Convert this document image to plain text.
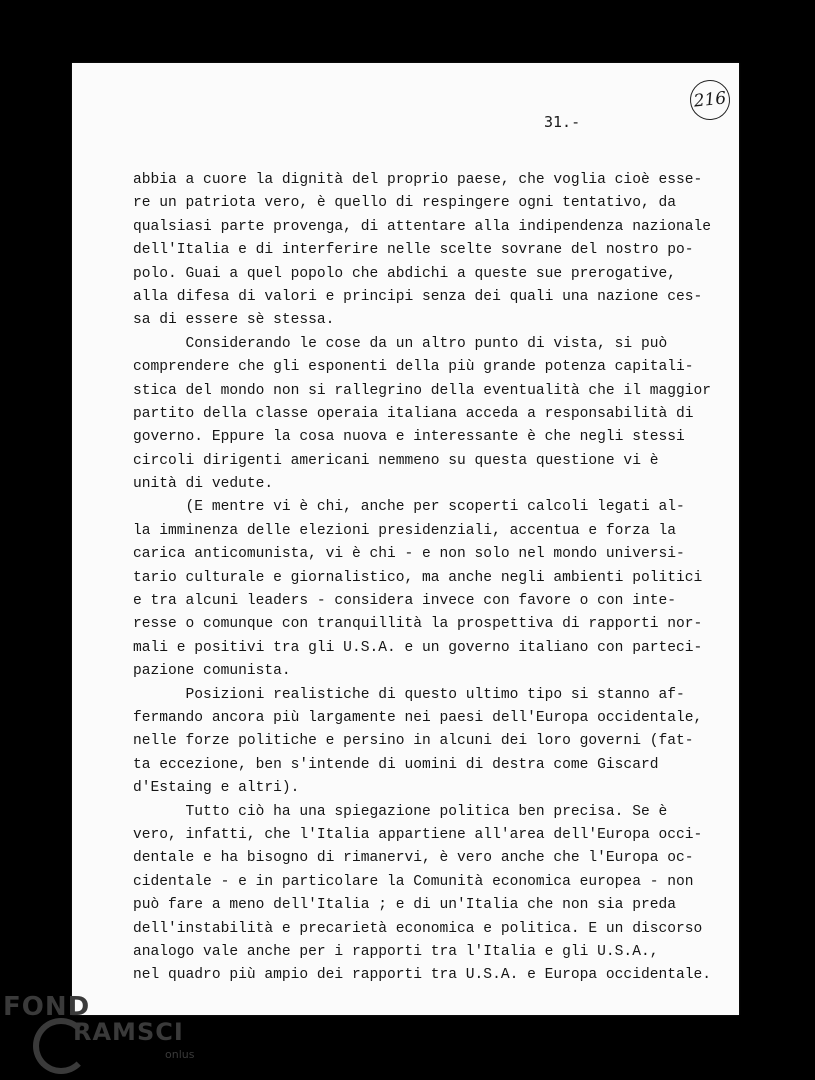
216
31.-
abbia a cuore la dignità del proprio paese, che voglia cioè esse-
re un patriota vero, è quello di respingere ogni tentativo, da
qualsiasi parte provenga, di attentare alla indipendenza nazionale
dell'Italia e di interferire nelle scelte sovrane del nostro po-
polo. Guai a quel popolo che abdichi a queste sue prerogative,
alla difesa di valori e principi senza dei quali una nazione ces-
sa di essere sè stessa.
Considerando le cose da un altro punto di vista, si può
comprendere che gli esponenti della più grande potenza capitali-
stica del mondo non si rallegrino della eventualità che il maggior
partito della classe operaia italiana acceda a responsabilità di
governo. Eppure la cosa nuova e interessante è che negli stessi
circoli dirigenti americani nemmeno su questa questione vi è
unità di vedute.
(E mentre vi è chi, anche per scoperti calcoli legati al-
la imminenza delle elezioni presidenziali, accentua e forza la
carica anticomunista, vi è chi - e non solo nel mondo universi-
tario culturale e giornalistico, ma anche negli ambienti politici
e tra alcuni leaders - considera invece con favore o con inte-
resse o comunque con tranquillità la prospettiva di rapporti nor-
mali e positivi tra gli U.S.A. e un governo italiano con parteci-
pazione comunista.
Posizioni realistiche di questo ultimo tipo si stanno af-
fermando ancora più largamente nei paesi dell'Europa occidentale,
nelle forze politiche e persino in alcuni dei loro governi (fat-
ta eccezione, ben s'intende di uomini di destra come Giscard
d'Estaing e altri).
Tutto ciò ha una spiegazione politica ben precisa. Se è
vero, infatti, che l'Italia appartiene all'area dell'Europa occi-
dentale e ha bisogno di rimanervi, è vero anche che l'Europa oc-
cidentale - e in particolare la Comunità economica europea - non
può fare a meno dell'Italia ; e di un'Italia che non sia preda
dell'instabilità e precarietà economica e politica. E un discorso
analogo vale anche per i rapporti tra l'Italia e gli U.S.A.,
nel quadro più ampio dei rapporti tra U.S.A. e Europa occidentale.
FOND
RAMSCI
onlus
